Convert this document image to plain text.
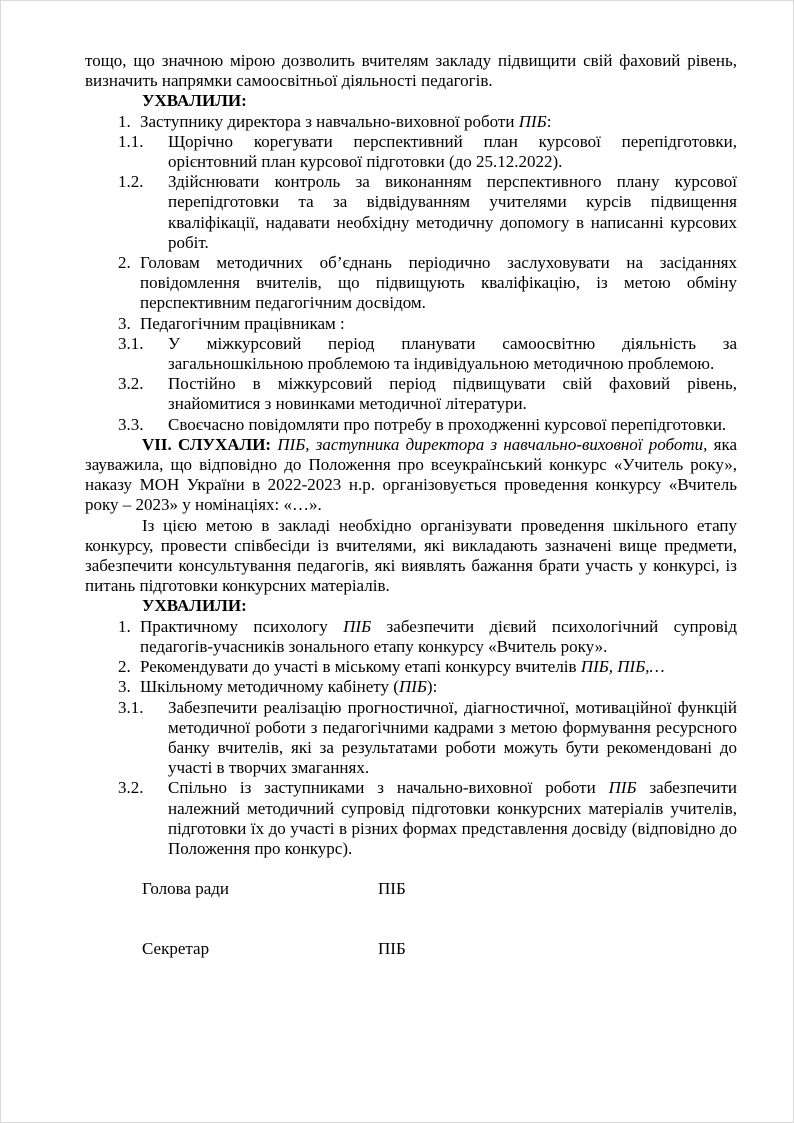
тощо, що значною мірою дозволить вчителям закладу підвищити свій фаховий рівень, визначить напрямки самоосвітньої діяльності педагогів.

УХВАЛИЛИ:

1. Заступнику директора з навчально-виховної роботи ПІБ:

1.1. Щорічно корегувати перспективний план курсової перепідготовки, орієнтовний план курсової підготовки (до 25.12.2022).

1.2. Здійснювати контроль за виконанням перспективного плану курсової перепідготовки та за відвідуванням учителями курсів підвищення кваліфікації, надавати необхідну методичну допомогу в написанні курсових робіт.

2. Головам методичних об’єднань періодично заслуховувати на засіданнях повідомлення вчителів, що підвищують кваліфікацію, із метою обміну перспективним педагогічним досвідом.

3. Педагогічним працівникам :

3.1. У міжкурсовий період планувати самоосвітню діяльність за загальношкільною проблемою та індивідуальною методичною проблемою.

3.2. Постійно в міжкурсовий період підвищувати свій фаховий рівень, знайомитися з новинками методичної літератури.

3.3. Своєчасно повідомляти про потребу в проходженні курсової перепідготовки.

VII. СЛУХАЛИ: ПІБ, заступника директора з навчально-виховної роботи, яка зауважила, що відповідно до Положення про всеукраїнський конкурс «Учитель року», наказу МОН України в 2022-2023 н.р. організовується проведення конкурсу «Вчитель року – 2023» у номінаціях: «…».

Із цією метою в закладі необхідно організувати проведення шкільного етапу конкурсу, провести співбесіди із вчителями, які викладають зазначені вище предмети, забезпечити консультування педагогів, які виявлять бажання брати участь у конкурсі, із питань підготовки конкурсних матеріалів.

УХВАЛИЛИ:

1. Практичному психологу ПІБ забезпечити дієвий психологічний супровід педагогів-учасників зонального етапу конкурсу «Вчитель року».

2. Рекомендувати до участі в міському етапі конкурсу вчителів ПІБ, ПІБ,…

3. Шкільному методичному кабінету (ПІБ):

3.1. Забезпечити реалізацію прогностичної, діагностичної, мотиваційної функцій методичної роботи з педагогічними кадрами з метою формування ресурсного банку вчителів, які за результатами роботи можуть бути рекомендовані до участі в творчих змаганнях.

3.2. Спільно із заступниками з начально-виховної роботи ПІБ забезпечити належний методичний супровід підготовки конкурсних матеріалів учителів, підготовки їх до участі в різних формах представлення досвіду (відповідно до Положення про конкурс).

Голова ради	ПІБ

Секретар	ПІБ
